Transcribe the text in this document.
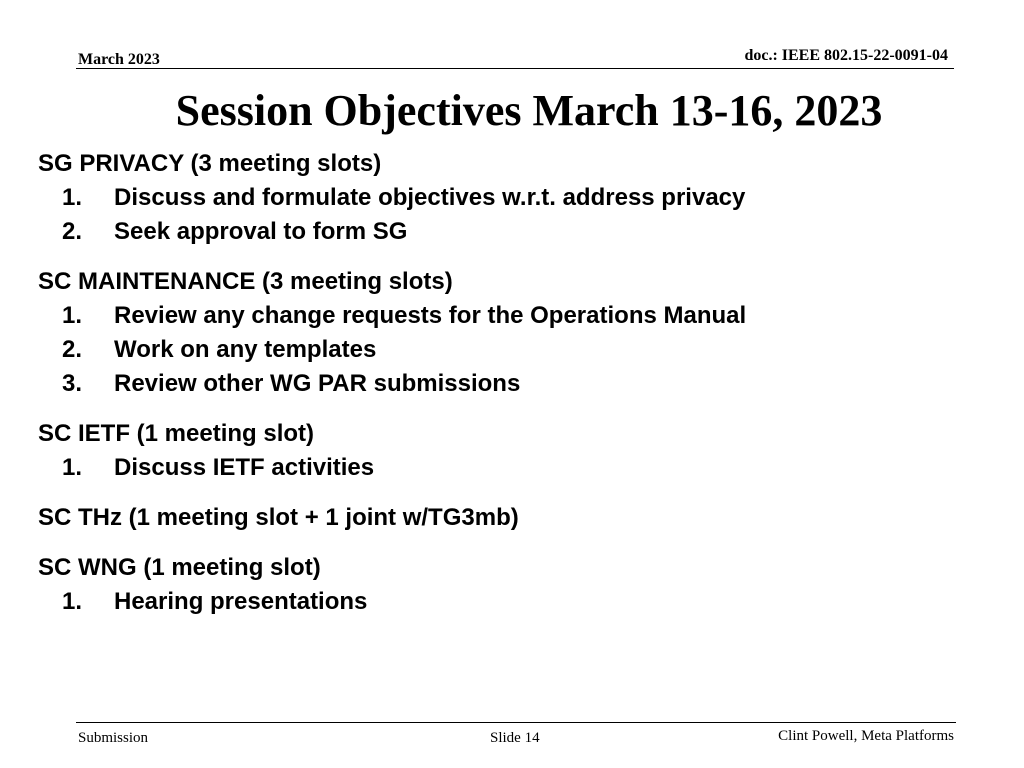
March 2023	doc.: IEEE 802.15-22-0091-04
Session Objectives March 13-16, 2023
SG PRIVACY (3 meeting slots)
1.	Discuss and formulate objectives w.r.t. address privacy
2.	Seek approval to form SG
SC MAINTENANCE (3 meeting slots)
1.	Review any change requests for the Operations Manual
2.	Work on any templates
3.	Review other WG PAR submissions
SC IETF (1 meeting slot)
1.	Discuss IETF activities
SC THz (1 meeting slot + 1 joint w/TG3mb)
SC WNG (1 meeting slot)
1.	Hearing presentations
Submission	Slide 14	Clint Powell, Meta Platforms
